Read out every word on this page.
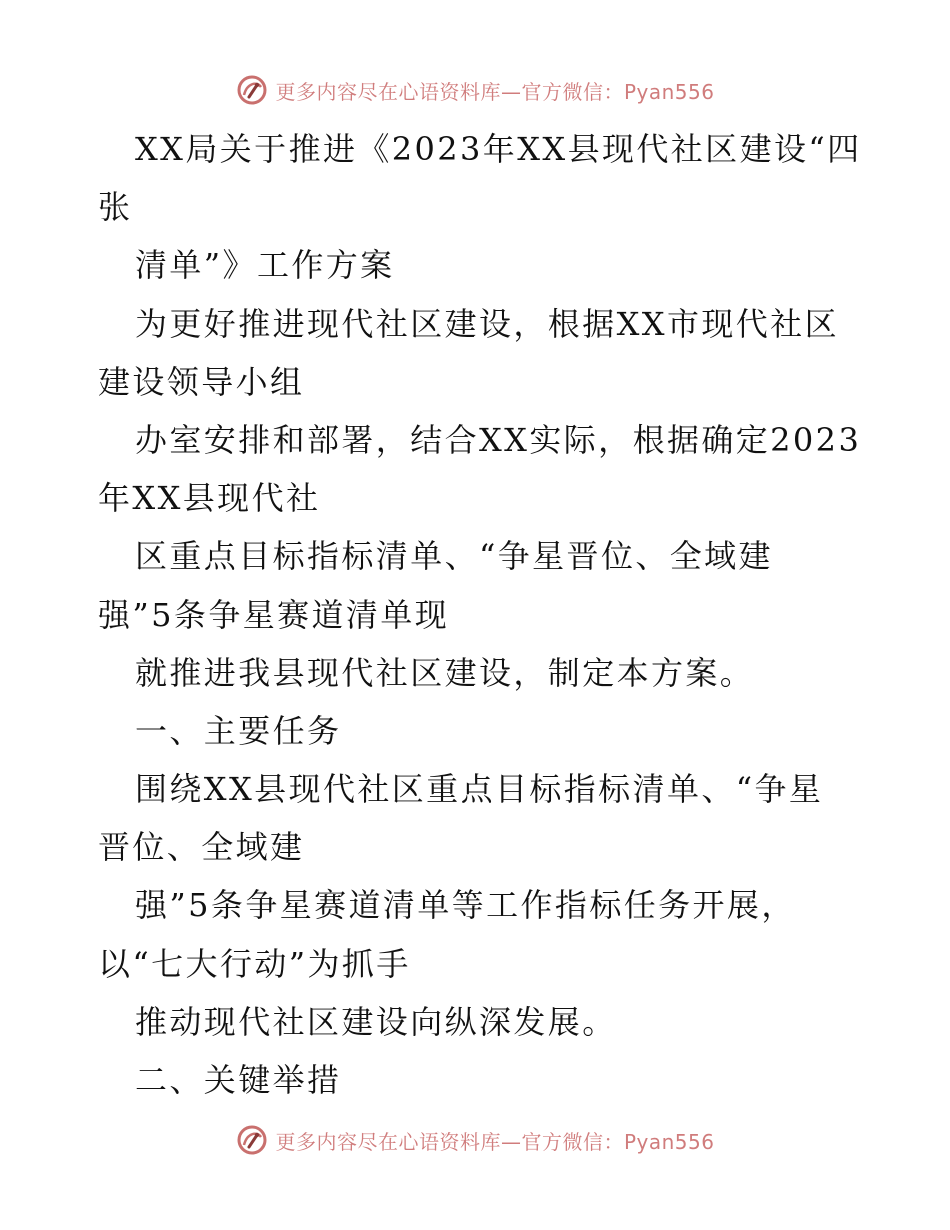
更多内容尽在心语资料库—官方微信：Pyan556
XX局关于推进《2023年XX县现代社区建设“四
张
清单”》工作方案
为更好推进现代社区建设，根据XX市现代社区
建设领导小组
办室安排和部署，结合XX实际，根据确定2023
年XX县现代社
区重点目标指标清单、“争星晋位、全域建
强”5条争星赛道清单现
就推进我县现代社区建设，制定本方案。
一、主要任务
围绕XX县现代社区重点目标指标清单、“争星
晋位、全域建
强”5条争星赛道清单等工作指标任务开展，
以“七大行动”为抓手
推动现代社区建设向纵深发展。
二、关键举措
更多内容尽在心语资料库—官方微信：Pyan556
